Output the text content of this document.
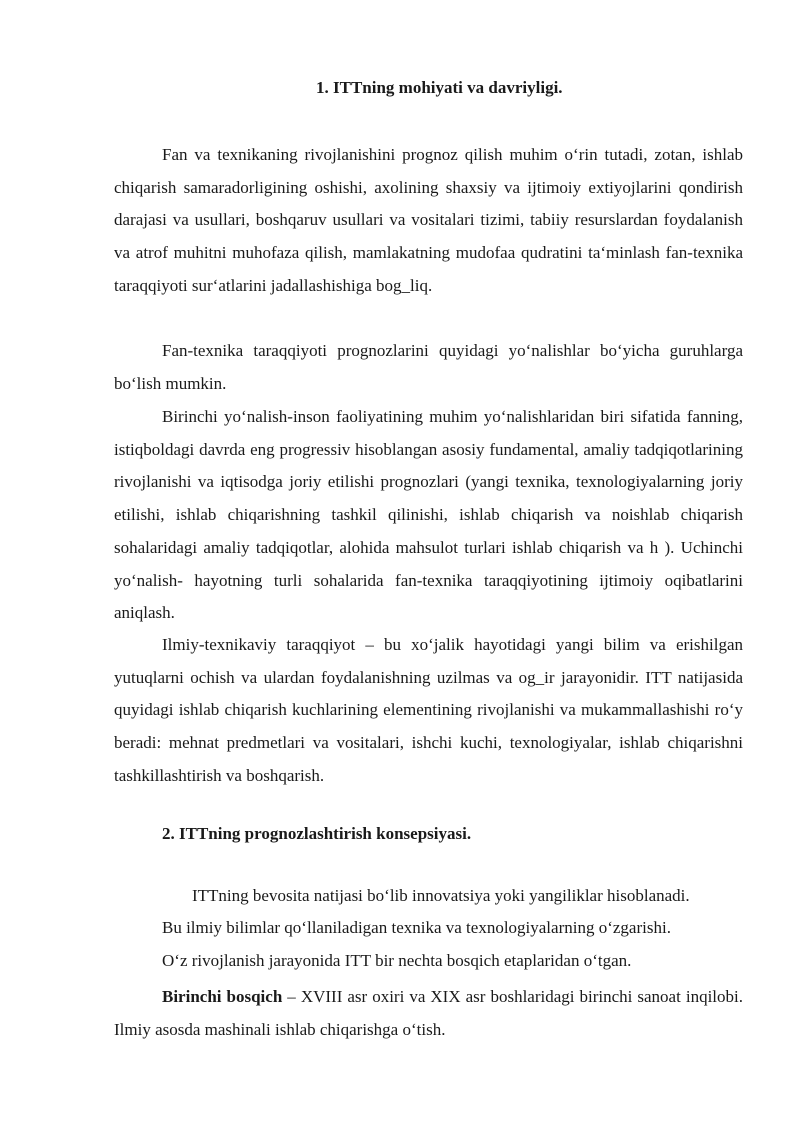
1. ITTning mohiyati va davriyligi.

Fan va texnikaning rivojlanishini prognoz qilish muhim o‘rin tutadi, zotan, ishlab chiqarish samaradorligining oshishi, axolining shaxsiy va ijtimoiy extiyojlarini qondirish darajasi va usullari, boshqaruv usullari va vositalari tizimi, tabiiy resurslardan foydalanish va atrof muhitni muhofaza qilish, mamlakatning mudofaa qudratini ta‘minlash fan-texnika taraqqiyoti sur‘atlarini jadallashishiga bog_liq.

Fan-texnika taraqqiyoti prognozlarini quyidagi yo‘nalishlar bo‘yicha guruhlarga bo‘lish mumkin.

Birinchi yo‘nalish-inson faoliyatining muhim yo‘nalishlaridan biri sifatida fanning, istiqboldagi davrda eng progressiv hisoblangan asosiy fundamental, amaliy tadqiqotlarining rivojlanishi va iqtisodga joriy etilishi prognozlari (yangi texnika, texnologiyalarning joriy etilishi, ishlab chiqarishning tashkil qilinishi, ishlab chiqarish va noishlab chiqarish sohalaridagi amaliy tadqiqotlar, alohida mahsulot turlari ishlab chiqarish va h ). Uchinchi yo‘nalish- hayotning turli sohalarida fan-texnika taraqqiyotining ijtimoiy oqibatlarini aniqlash.

Ilmiy-texnikaviy taraqqiyot – bu xo‘jalik hayotidagi yangi bilim va erishilgan yutuqlarni ochish va ulardan foydalanishning uzilmas va og_ir jarayonidir. ITT natijasida quyidagi ishlab chiqarish kuchlarining elementining rivojlanishi va mukammallashishi ro‘y beradi: mehnat predmetlari va vositalari, ishchi kuchi, texnologiyalar, ishlab chiqarishni tashkillashtirish va boshqarish.

2. ITTning prognozlashtirish konsepsiyasi.

ITTning bevosita natijasi bo‘lib innovatsiya yoki yangiliklar hisoblanadi.

Bu ilmiy bilimlar qo‘llaniladigan texnika va texnologiyalarning o‘zgarishi.

O‘z rivojlanish jarayonida ITT bir nechta bosqich etaplaridan o‘tgan.

Birinchi bosqich – XVIII asr oxiri va XIX asr boshlaridagi birinchi sanoat inqilobi. Ilmiy asosda mashinali ishlab chiqarishga o‘tish.
